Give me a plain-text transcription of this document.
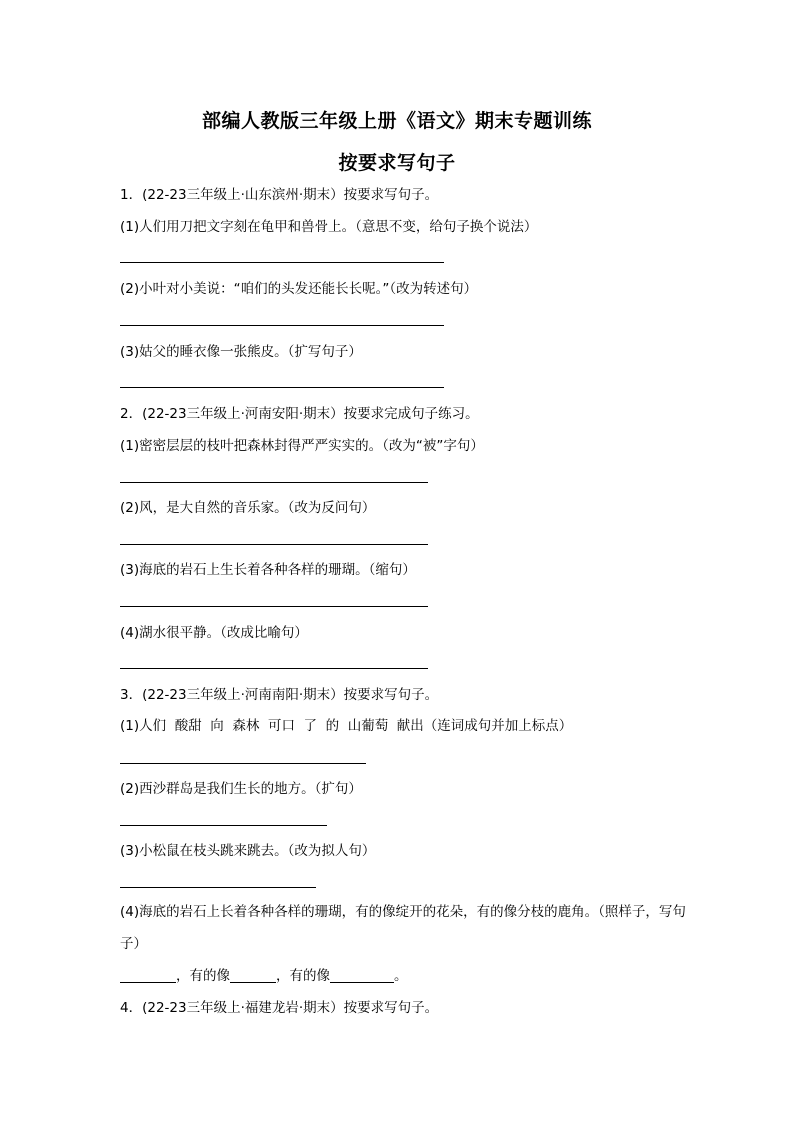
部编人教版三年级上册《语文》期末专题训练
按要求写句子
1．(22-23三年级上·山东滨州·期末）按要求写句子。
(1)人们用刀把文字刻在龟甲和兽骨上。（意思不变，给句子换个说法）
(2)小叶对小美说：“咱们的头发还能长长呢。”（改为转述句）
(3)姑父的睡衣像一张熊皮。（扩写句子）
2．(22-23三年级上·河南安阳·期末）按要求完成句子练习。
(1)密密层层的枝叶把森林封得严严实实的。（改为“被”字句）
(2)风，是大自然的音乐家。（改为反问句）
(3)海底的岩石上生长着各种各样的珊瑚。（缩句）
(4)湖水很平静。（改成比喻句）
3．(22-23三年级上·河南南阳·期末）按要求写句子。
(1)人们  酸甜  向  森林  可口  了  的  山葡萄  献出（连词成句并加上标点）
(2)西沙群岛是我们生长的地方。（扩句）
(3)小松鼠在枝头跳来跳去。（改为拟人句）
(4)海底的岩石上长着各种各样的珊瑚，有的像绽开的花朵，有的像分枝的鹿角。（照样子，写句子）
，有的像	，有的像	。
4．(22-23三年级上·福建龙岩·期末）按要求写句子。
